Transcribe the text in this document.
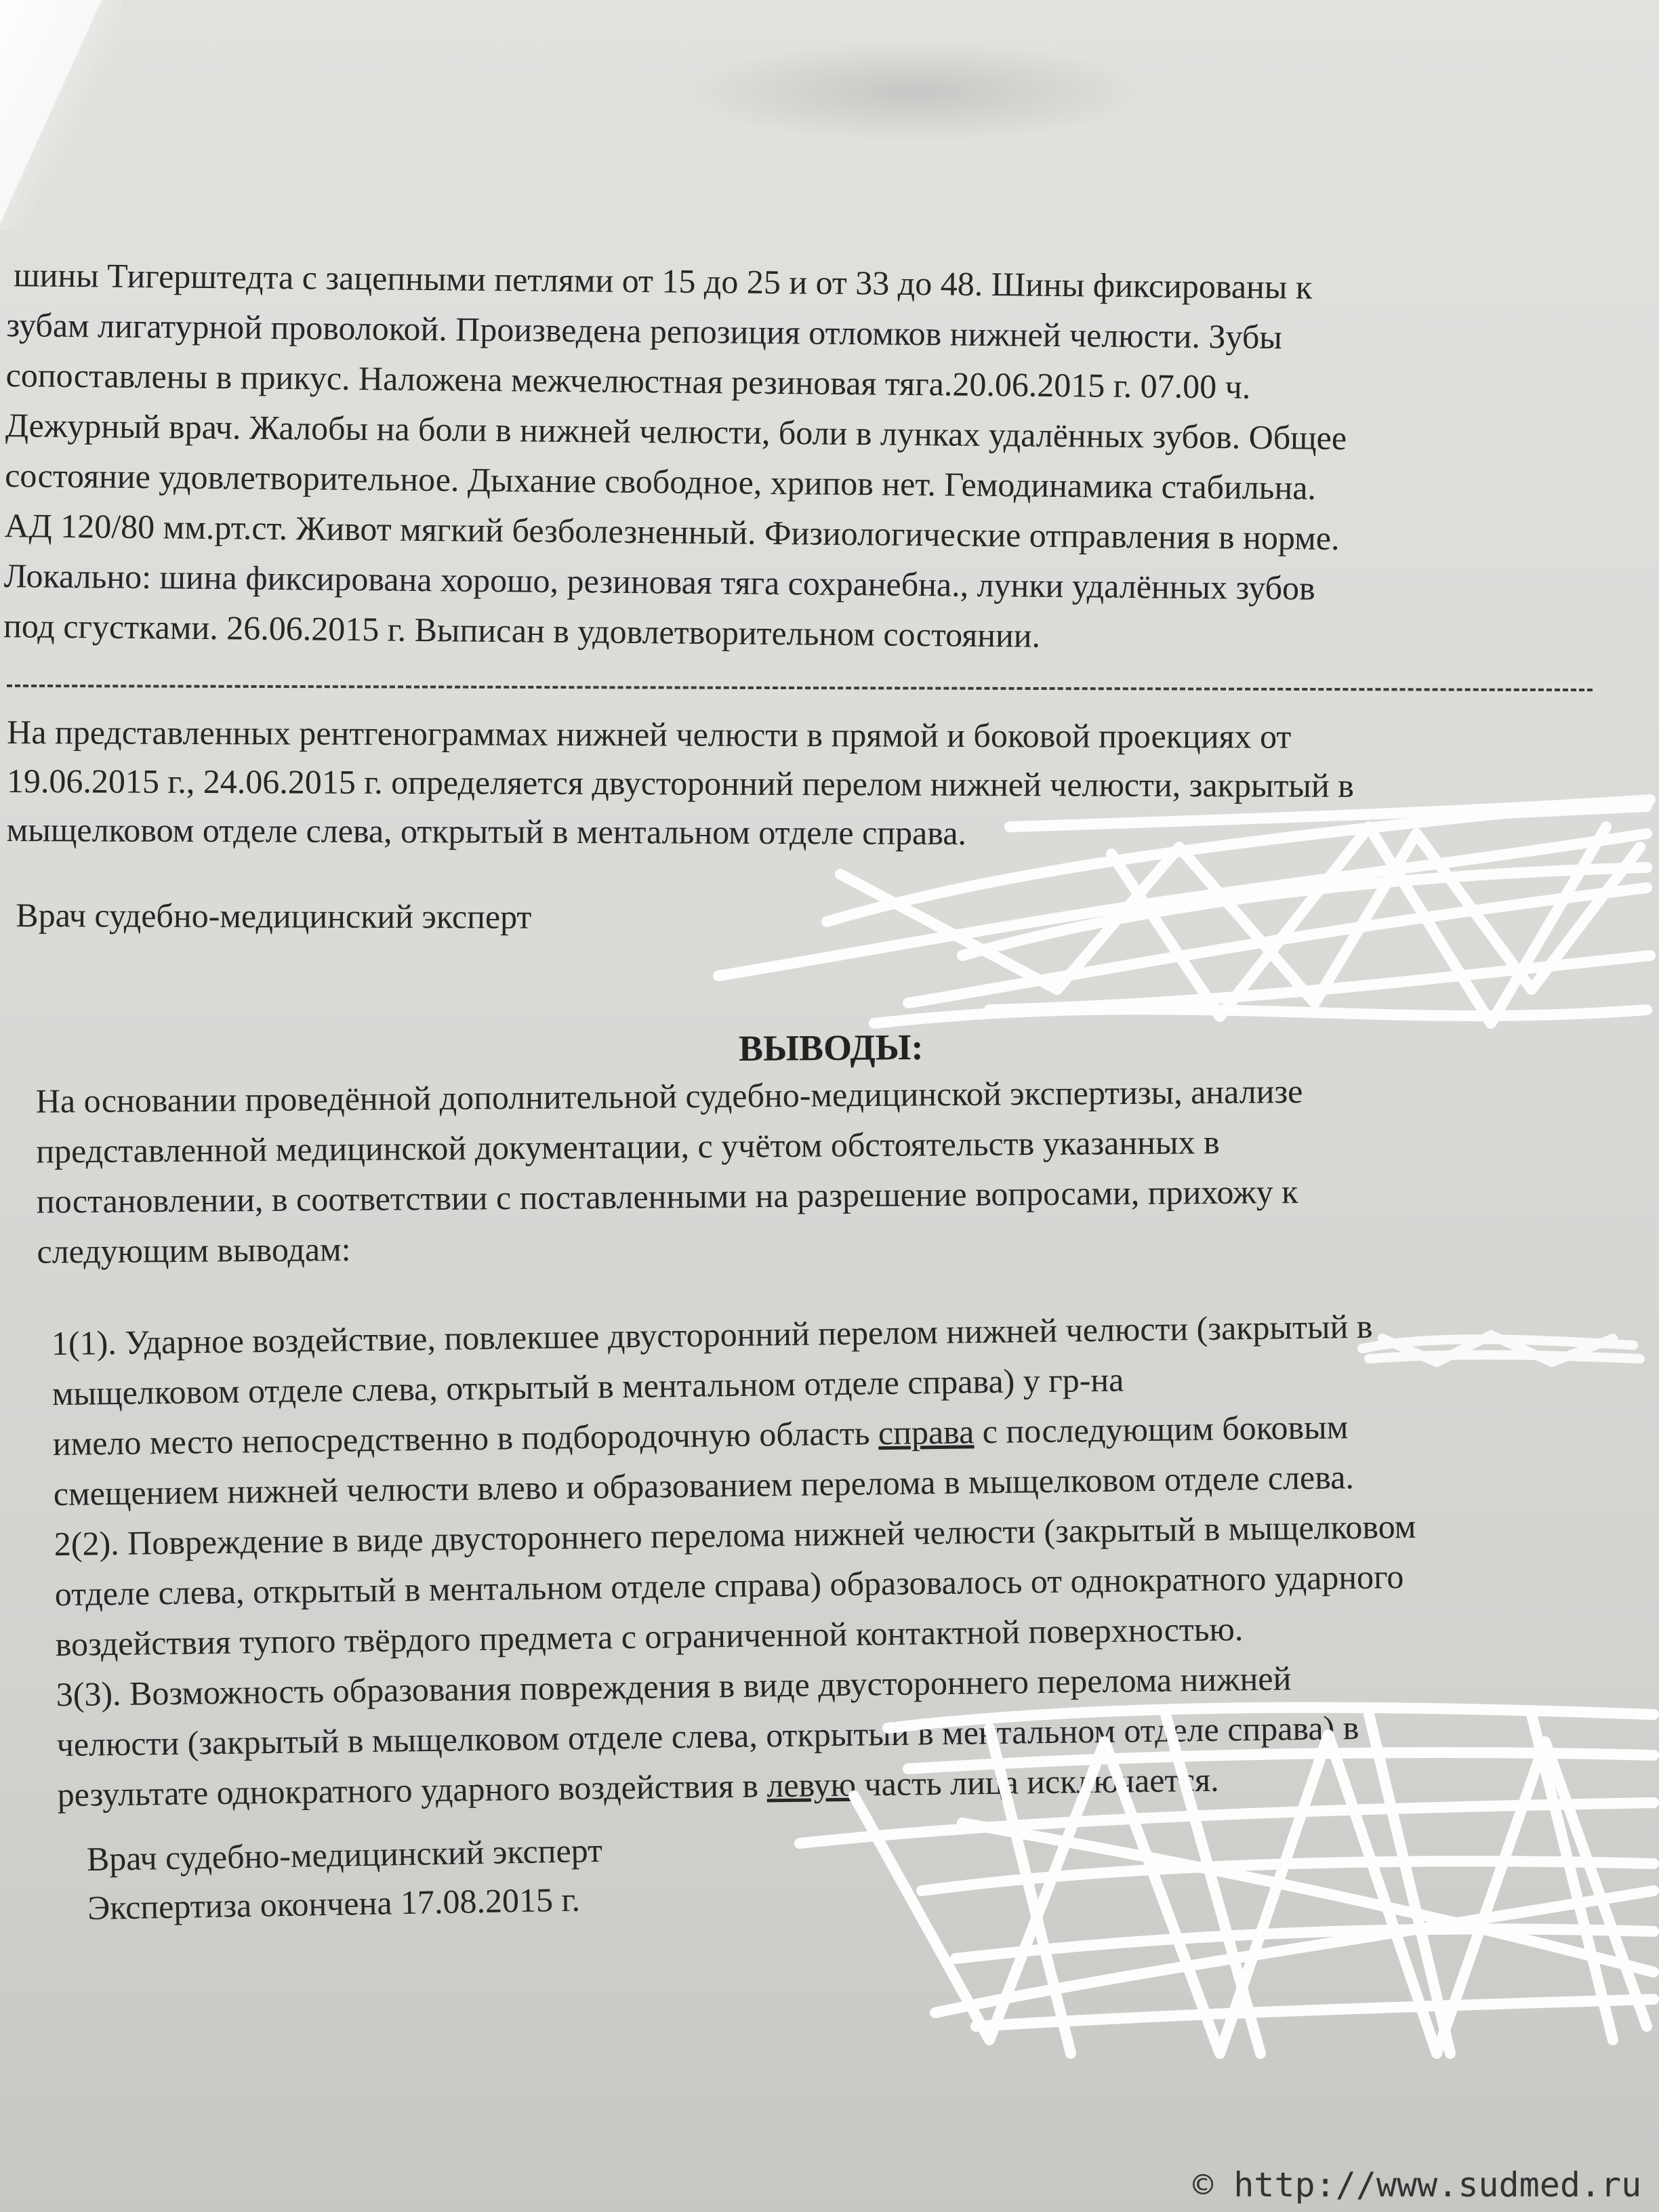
шины Тигерштедта с зацепными петлями от 15 до 25 и от 33 до 48. Шины фиксированы к
зубам лигатурной проволокой. Произведена репозиция отломков нижней челюсти. Зубы
сопоставлены в прикус. Наложена межчелюстная резиновая тяга.20.06.2015 г. 07.00 ч.
Дежурный врач. Жалобы на боли в нижней челюсти, боли в лунках удалённых зубов. Общее
состояние удовлетворительное. Дыхание свободное, хрипов нет. Гемодинамика стабильна.
АД 120/80 мм.рт.ст. Живот мягкий безболезненный. Физиологические отправления в норме.
Локально: шина фиксирована хорошо, резиновая тяга сохранебна., лунки удалённых зубов
под сгустками. 26.06.2015 г. Выписан в удовлетворительном состоянии.
На представленных рентгенограммах нижней челюсти в прямой и боковой проекциях от
19.06.2015 г., 24.06.2015 г. определяется двусторонний перелом нижней челюсти, закрытый в
мыщелковом отделе слева, открытый в ментальном отделе справа.
Врач судебно-медицинский эксперт
ВЫВОДЫ:
На основании проведённой дополнительной судебно-медицинской экспертизы, анализе
представленной медицинской документации, с учётом обстоятельств указанных в
постановлении, в соответствии с поставленными на разрешение вопросами, прихожу к
следующим выводам:
1(1). Ударное воздействие, повлекшее двусторонний перелом нижней челюсти (закрытый в
мыщелковом отделе слева, открытый в ментальном отделе справа) у гр-на
имело место непосредственно в подбородочную область справа с последующим боковым
смещением нижней челюсти влево и образованием перелома в мыщелковом отделе слева.
2(2). Повреждение в виде двустороннего перелома нижней челюсти (закрытый в мыщелковом
отделе слева, открытый в ментальном отделе справа) образовалось от однократного ударного
воздействия тупого твёрдого предмета с ограниченной контактной поверхностью.
3(3). Возможность образования повреждения в виде двустороннего перелома нижней
челюсти (закрытый в мыщелковом отделе слева, открытый в ментальном отделе справа) в
результате однократного ударного воздействия в левую часть лица исключается.
Врач судебно-медицинский эксперт
Экспертиза окончена 17.08.2015 г.
© http://www.sudmed.ru
